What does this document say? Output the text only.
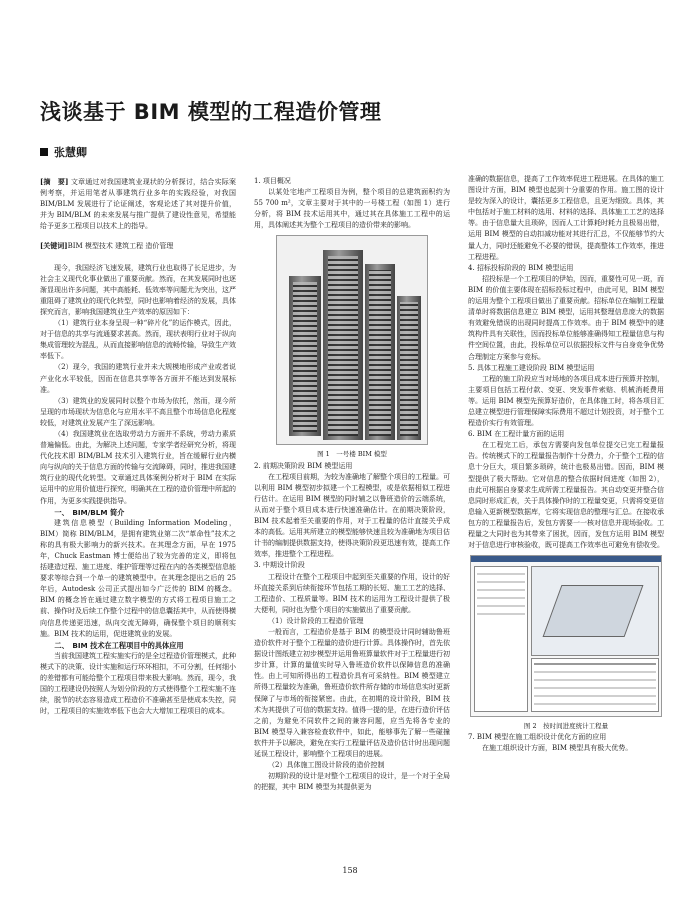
浅谈基于 BIM 模型的工程造价管理
张慧卿

[摘　要] 文章通过对我国建筑业现状的分析探讨，结合实际案例考察，并运用笔者从事建筑行业多年的实践经验，对我国 BIM/BLM 发展进行了论证阐述，客观论述了其对提升价值，并为 BIM/BLM 的未来发展与推广提供了建设性意见，希望能给予更多工程项目以技术上的指导。

[关键词]BIM 模型技术 建筑工程 造价管理

现今，我国经济飞速发展，建筑行业也取得了长足进步，为社会主义现代化事业做出了重要贡献。然而，在其发展同时也逐渐显现出许多问题，其中高能耗、低效率等问题尤为突出，这严重阻碍了建筑业的现代化转型，同时也影响着经济的发展，具体探究而言，影响我国建筑业生产效率的原因如下：

（1）建筑行业本身呈现一种“碎片化”的运作模式，因此，对于信息的共享与流通要求甚高。然而，现状表明行业对于纵向集成管理较为混乱，从而直接影响信息的流畅传输，导致生产效率低下。

（2）现今，我国的建筑行业并未大规模地形成产业或者说产业化水平较低，因而在信息共享等各方面并不能达到发展标准。

（3）建筑业的发展同时以整个市场为依托，然而，现今所呈现的市场现状为信息化与应用水平不高且整个市场信息化程度较低，对建筑业发展产生了深远影响。

（4）我国建筑业在选取劳动力方面并不系统，劳动力素质普遍偏低。由此，为解决上述问题，专家学者经研究分析，将现代化技术即 BIM/BLM 技术引入建筑行业，旨在缓解行业内横向与纵向的关于信息方面的传输与交流障碍，同时，推进我国建筑行业的现代化转型。文章通过具体案例分析对于 BIM 在实际运用中的应用价值进行探究，明确其在工程的造价管理中所起的作用，为更多实践提供指导。

一、　BIM/BLM 简介

建筑信息模型（Building Information Modeling，BIM）简称 BIM/BLM，是拥有建筑业第二次“革命性”技术之称的具有极大影响力的新兴技术。在其理念方面，早在 1975 年，Chuck Eastman 博士便给出了较为完善的定义，即将包括建造过程、施工进度、维护管理等过程在内的各类模型信息能要求等综合到一个单一的建筑模型中。在其理念提出之后的 25 年后，Autodesk 公司正式提出如今广泛传的 BIM 的概念。BIM 的概念旨在通过建立数字模型的方式将工程项目施工之前、操作时及后续工作整个过程中的信息囊括其中，从而使得横向信息传递更迅速，纵向交流无障碍，确保整个项目的顺利实施。BIM 技术的运用，促进建筑业的发展。

二、　BIM 技术在工程项目中的具体应用

当前我国建筑工程实施实行的是全过程造价管理模式，此种模式下的决策、设计实施和运行环环相扣，不可分割，任何细小的差错都有可能给整个工程项目带来极大影响。然而，现今，我国的工程建设仍按照人为划分阶段的方式使得整个工程实施不连续，脱节的状态容易造成工程造价不准确甚至是使成本失控，同时，工程项目的实施效率低下也会大大增加工程项目的成本。

1. 项目概况

以某处宅地产工程项目为例，整个项目的总建筑面积约为 55 700 m²，文章主要对于其中的一号楼工程（如图 1）进行分析，将 BIM 技术运用其中，通过其在具体施工工程中的运用，具体阐述其为整个工程项目的造价带来的影响。

图 1　一号楼 BIM 模型

2. 前期决策阶段 BIM 模型运用

在工程项目前期，为较为准确地了解整个项目的工程量。可以利用 BIM 模型初步拟建一个工程模型，或是依据相似工程进行估计。在运用 BIM 模型的同时辅之以鲁班造价的云端系统，从而对于整个项目成本进行快速准确估计。在前期决策阶段，BIM 技术起着至关重要的作用，对于工程量的估计直接关乎成本的高低。运用其所建立的模型能够快速且较为准确地为项目估计书的编制提供数据支持，使得决策阶段更迅速有效，提高工作效率，推进整个工程进程。

3. 中期设计阶段

工程设计在整个工程项目中起到至关重要的作用，设计的好坏直接关系到后续衔接环节包括工期的长短、施工工艺的选择、工程造价、工程质量等。BIM 技术的运用为工程设计提供了极大便利，同时也为整个项目的实施做出了重要贡献。

（1）设计阶段的工程造价管理

一般而言，工程造价是基于 BIM 的模型设计同时辅助鲁班造价软件对于整个工程量的造价进行计算。具体操作时，首先依据设计图纸建立初步模型并运用鲁班算量软件对于工程量进行初步计算，计算的量值实时导入鲁班造价软件以保障信息的准确性。由上可知所得出的工程造价具有可采纳性。BIM 模型建立所得工程量较为准确，鲁班造价软件所存储的市场信息实时更新保障了与市场的衔接紧密。由此，在初期的设计阶段，BIM 技术为其提供了可信的数据支持。值得一提的是，在进行造价评估之前，为避免不同软件之间的兼容问题，应当先将各专业的 BIM 模型导入兼容检查软件中，如此，能够事先了解一些碰撞软件并予以解决，避免在实行工程量评估及造价估计时出现问题延误工程设计，影响整个工程项目的进展。

（2）具体施工图设计阶段的造价控制

初期阶段的设计是对整个工程项目的设计，是一个对于全局的把握，其中 BIM 模型为其提供更为

准确的数据信息，提高了工作效率促进工程进展。在具体的施工图设计方面，BIM 模型也起到十分重要的作用。施工图的设计是较为深入的设计，囊括更多工程信息，且更为细致。具体，其中包括对于施工材料的选用、材料的选择、具体施工工艺的选择等。由于信息量大且琐碎，因而人工计算耗时耗力且极易出错，运用 BIM 模型的自动扣减功能对其进行汇总，不仅能够节约大量人力，同时还能避免不必要的错误，提高整体工作效率，推进工程进程。

4. 招标投标阶段的 BIM 模型运用

招投标是一个工程项目的伊始，因而，重要性可见一斑，而 BIM 的价值主要体现在招标投标过程中，由此可见，BIM 模型的运用为整个工程项目做出了重要贡献。招标单位在编制工程量清单时将数据信息建立 BIM 模型，运用其整理信息庞大的数据有效避免错误的出现同时提高工作效率。由于 BIM 模型中的建筑构件具有关联性，因而投标单位能够准确得知工程量信息与构件空间位置，由此，投标单位可以依据投标文件与自身竞争优势合理制定方案参与竞标。

5. 具体工程施工建设阶段 BIM 模型运用

工程的施工阶段应当对场地的各项目成本进行预算并控制，主要项目包括工程付款、变更、突发事件索赔、机械消耗费用等。运用 BIM 模型先预算好造价，在具体施工时，将各项目汇总建立模型进行管理保障实际费用不超过计划投资，对于整个工程造价实行有效管理。

6. BIM 在工程计量方面的运用

在工程完工后，承包方需要向发包单位提交已完工程量报告。传统模式下的工程量报告制作十分费力，介于整个工程的信息十分巨大，项目繁多琐碎，统计也极易出错。因而，BIM 模型提供了极大帮助。它对信息的整合依据时间进度（如图 2），由此可根据自身要求生成所需工程量报告。其自动变更并整合信息同时形成汇表，关于具体操作时的工程量变更，只需将变更信息输入更新模型数据库，它将实现信息的整理与汇总。在接收承包方的工程量报告后，发包方需要一一核对信息并现场验收。工程量之大同时也为其带来了困扰，因而，发包方运用 BIM 模型对于信息进行审核验收，既可提高工作效率也可避免有偿收受。

图 2　按时间进度统计工程量

7. BIM 模型在施工组织设计优化方面的应用

在施工组织设计方面，BIM 模型具有极大优势。

158
